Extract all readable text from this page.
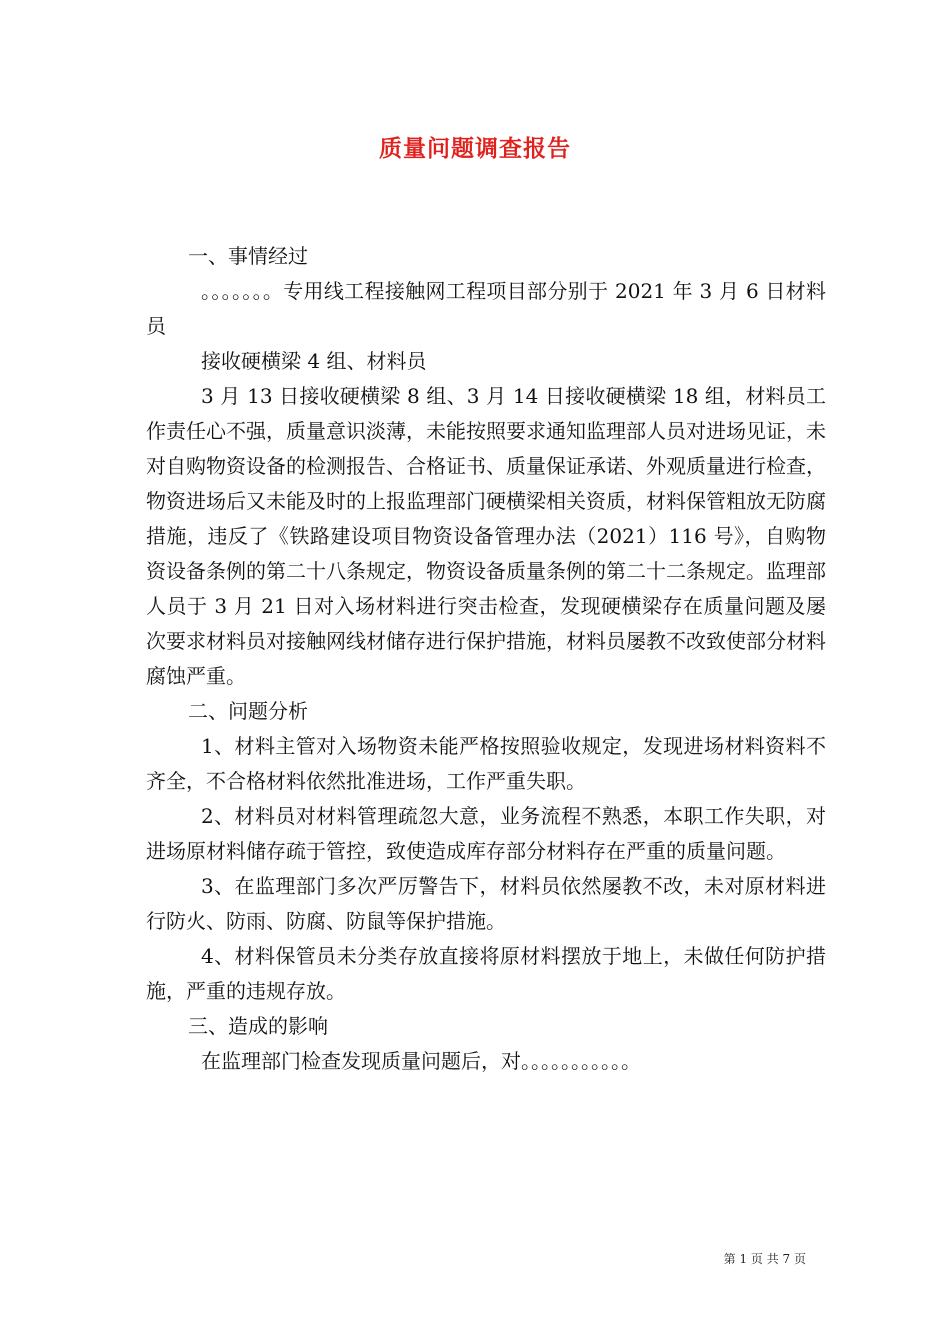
质量问题调查报告

一、事情经过

。。。。。。。专用线工程接触网工程项目部分别于 2021 年 3 月 6 日材料员

接收硬横梁 4 组、材料员

3 月 13 日接收硬横梁 8 组、3 月 14 日接收硬横梁 18 组，材料员工作责任心不强，质量意识淡薄，未能按照要求通知监理部人员对进场见证，未对自购物资设备的检测报告、合格证书、质量保证承诺、外观质量进行检查，物资进场后又未能及时的上报监理部门硬横梁相关资质，材料保管粗放无防腐措施，违反了《铁路建设项目物资设备管理办法（2021）116 号》，自购物资设备条例的第二十八条规定，物资设备质量条例的第二十二条规定。监理部人员于 3 月 21 日对入场材料进行突击检查，发现硬横梁存在质量问题及屡次要求材料员对接触网线材储存进行保护措施，材料员屡教不改致使部分材料腐蚀严重。

二、问题分析

1、材料主管对入场物资未能严格按照验收规定，发现进场材料资料不齐全，不合格材料依然批准进场，工作严重失职。

2、材料员对材料管理疏忽大意，业务流程不熟悉，本职工作失职，对进场原材料储存疏于管控，致使造成库存部分材料存在严重的质量问题。

3、在监理部门多次严厉警告下，材料员依然屡教不改，未对原材料进行防火、防雨、防腐、防鼠等保护措施。

4、材料保管员未分类存放直接将原材料摆放于地上，未做任何防护措施，严重的违规存放。

三、造成的影响

在监理部门检查发现质量问题后，对。。。。。。。。。。。

第 1 页 共 7 页
